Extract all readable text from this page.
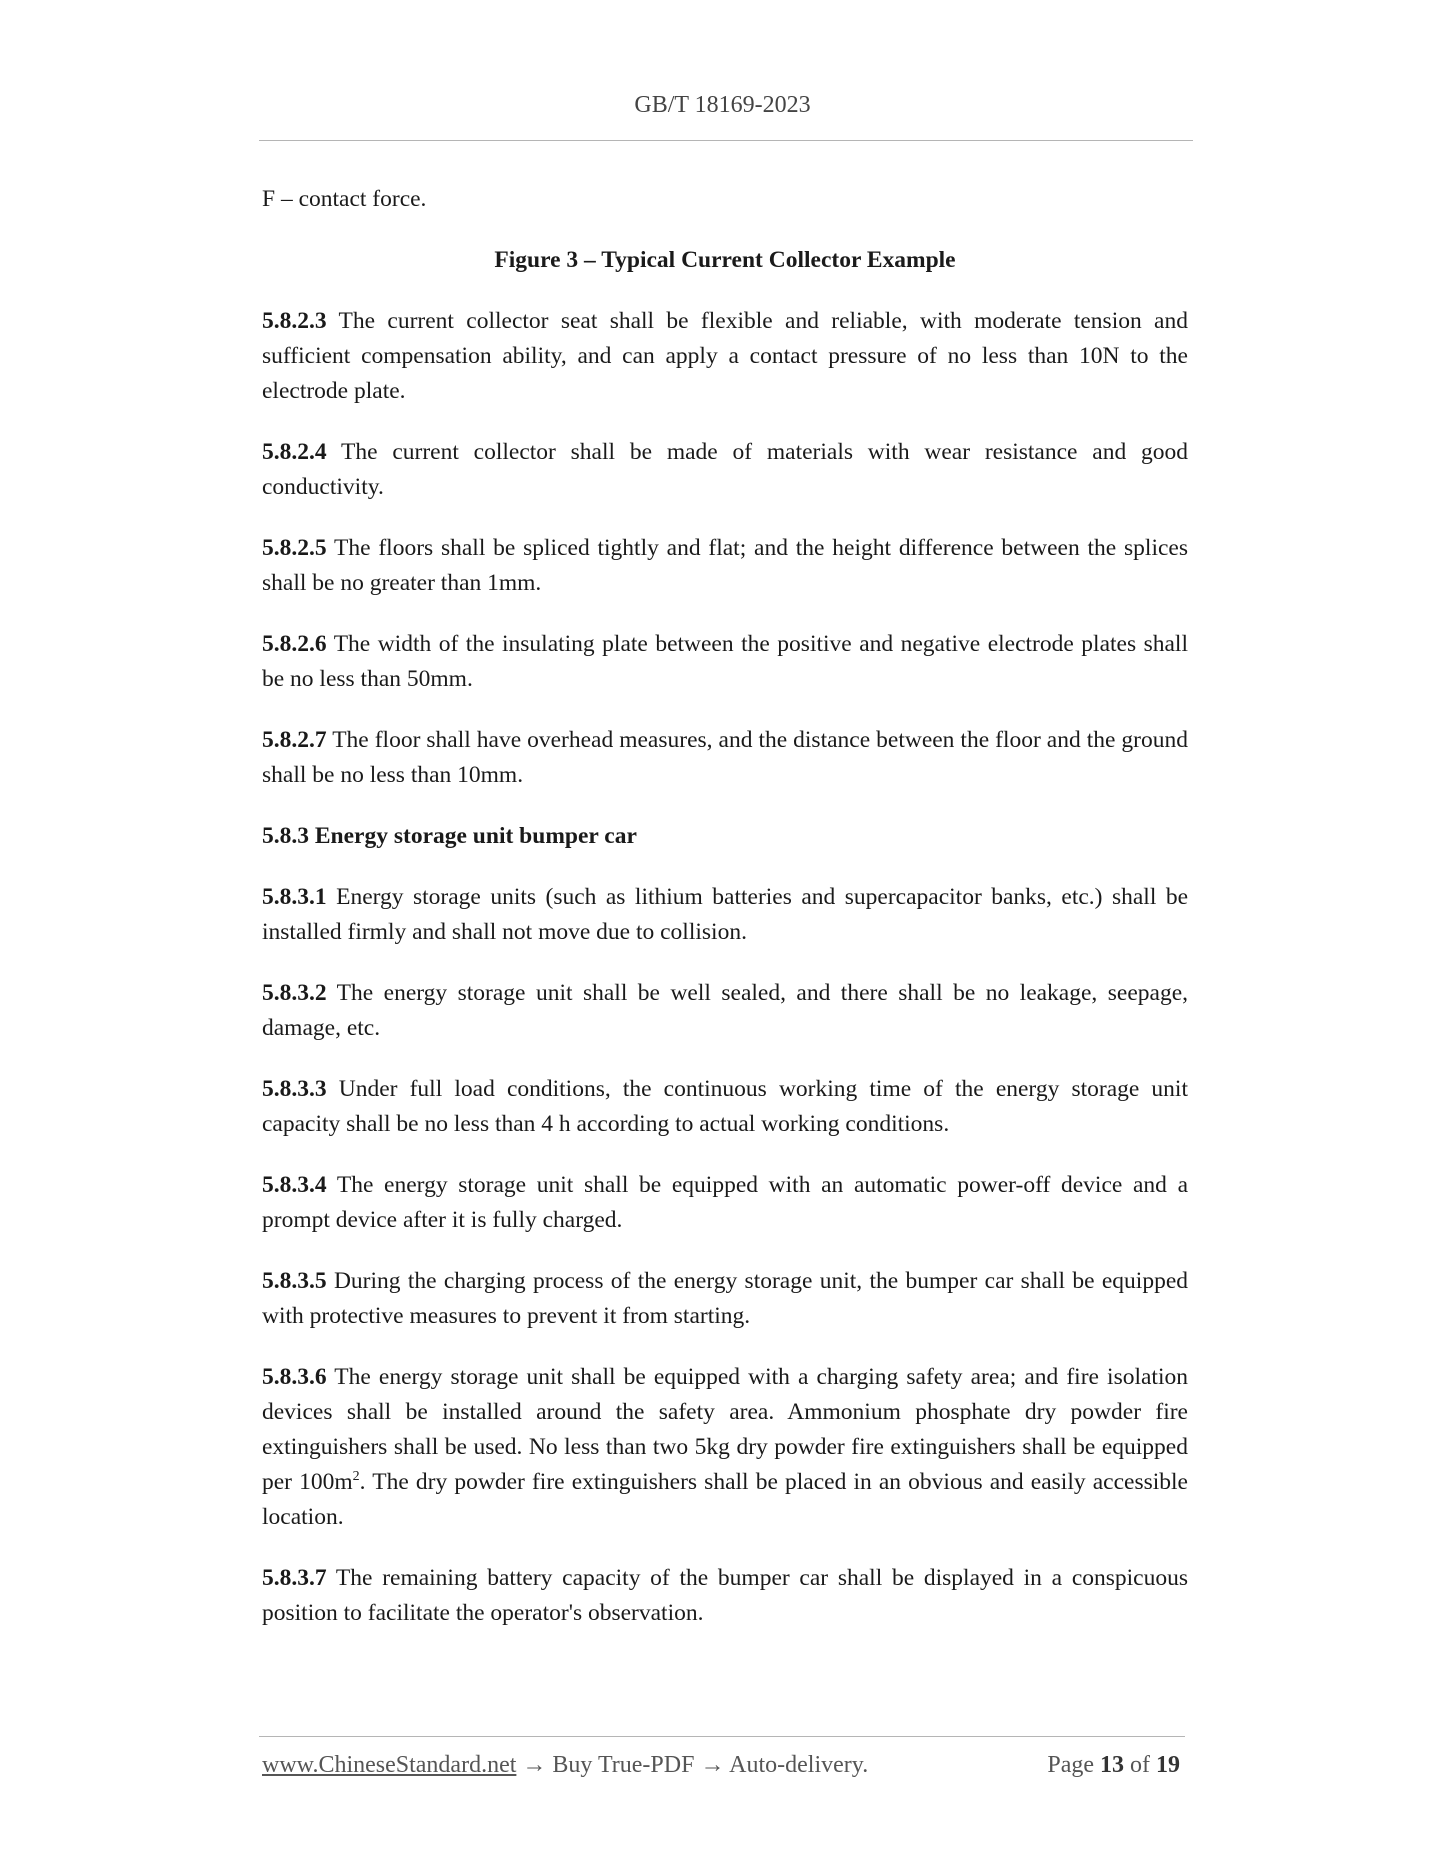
GB/T 18169-2023

F – contact force.

Figure 3 – Typical Current Collector Example

5.8.2.3 The current collector seat shall be flexible and reliable, with moderate tension and sufficient compensation ability, and can apply a contact pressure of no less than 10N to the electrode plate.

5.8.2.4 The current collector shall be made of materials with wear resistance and good conductivity.

5.8.2.5 The floors shall be spliced tightly and flat; and the height difference between the splices shall be no greater than 1mm.

5.8.2.6 The width of the insulating plate between the positive and negative electrode plates shall be no less than 50mm.

5.8.2.7 The floor shall have overhead measures, and the distance between the floor and the ground shall be no less than 10mm.

5.8.3 Energy storage unit bumper car

5.8.3.1 Energy storage units (such as lithium batteries and supercapacitor banks, etc.) shall be installed firmly and shall not move due to collision.

5.8.3.2 The energy storage unit shall be well sealed, and there shall be no leakage, seepage, damage, etc.

5.8.3.3 Under full load conditions, the continuous working time of the energy storage unit capacity shall be no less than 4 h according to actual working conditions.

5.8.3.4 The energy storage unit shall be equipped with an automatic power-off device and a prompt device after it is fully charged.

5.8.3.5 During the charging process of the energy storage unit, the bumper car shall be equipped with protective measures to prevent it from starting.

5.8.3.6 The energy storage unit shall be equipped with a charging safety area; and fire isolation devices shall be installed around the safety area. Ammonium phosphate dry powder fire extinguishers shall be used. No less than two 5kg dry powder fire extinguishers shall be equipped per $100m^2$. The dry powder fire extinguishers shall be placed in an obvious and easily accessible location.

5.8.3.7 The remaining battery capacity of the bumper car shall be displayed in a conspicuous position to facilitate the operator's observation.

www.ChineseStandard.net → Buy True-PDF → Auto-delivery.	Page 13 of 19
